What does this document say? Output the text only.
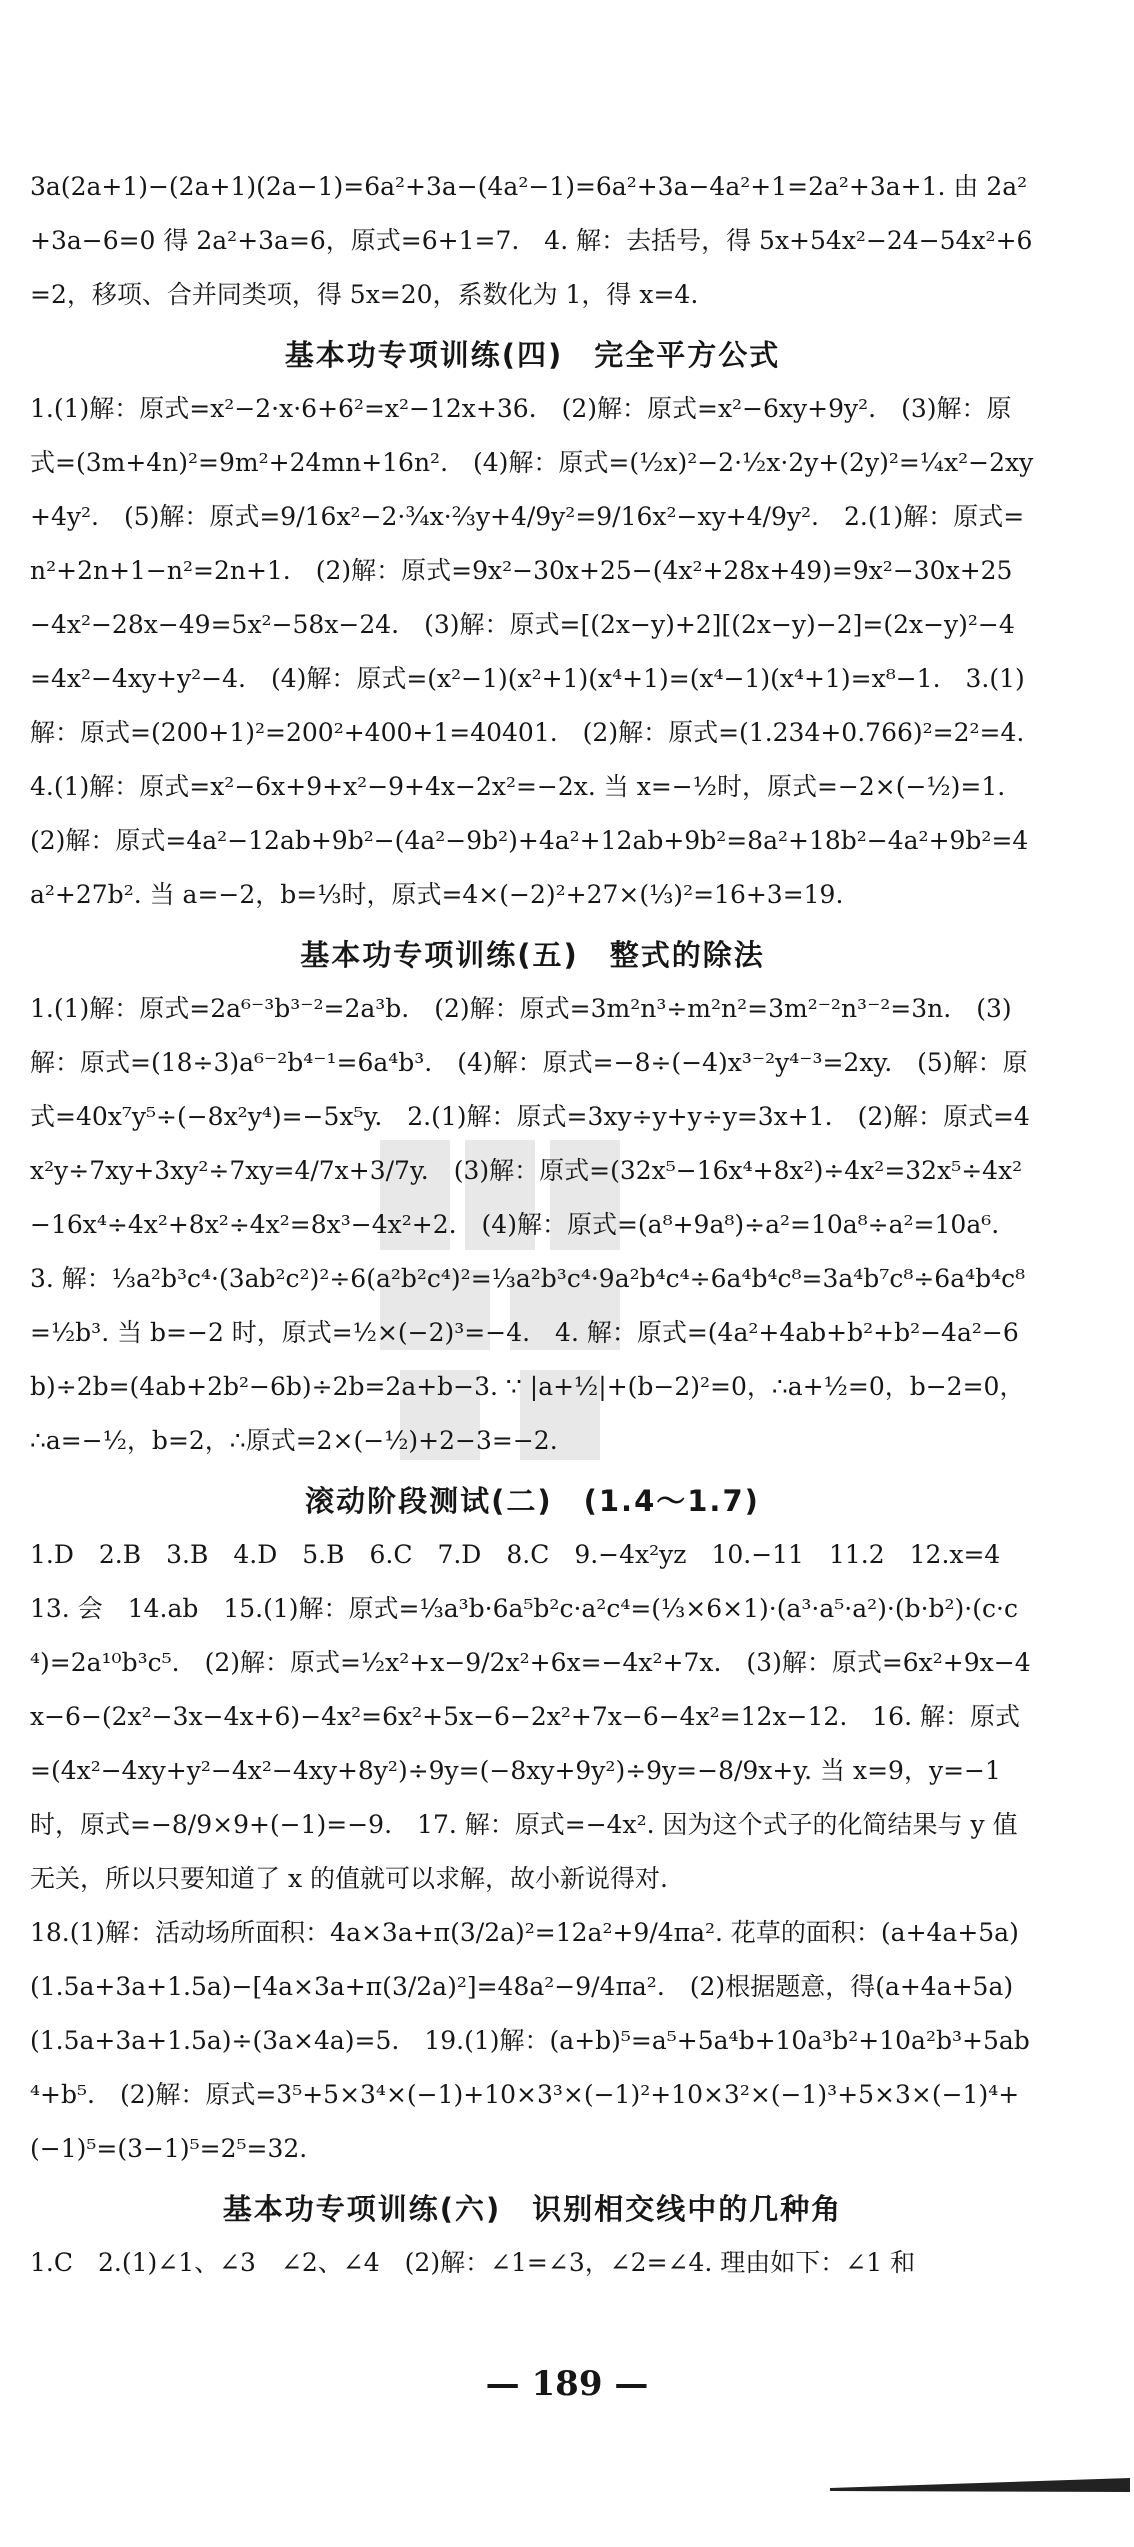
3a(2a+1)−(2a+1)(2a−1)=6a²+3a−(4a²−1)=6a²+3a−4a²+1=2a²+3a+1. 由 2a²+3a−6=0 得 2a²+3a=6，原式=6+1=7.　4. 解：去括号，得 5x+54x²−24−54x²+6=2，移项、合并同类项，得 5x=20，系数化为 1，得 x=4.

基本功专项训练(四)　完全平方公式

1.(1)解：原式=x²−2·x·6+6²=x²−12x+36.　(2)解：原式=x²−6xy+9y².　(3)解：原式=(3m+4n)²=9m²+24mn+16n².　(4)解：原式=(½x)²−2·½x·2y+(2y)²=¼x²−2xy+4y².　(5)解：原式=9/16x²−2·¾x·⅔y+4/9y²=9/16x²−xy+4/9y².　2.(1)解：原式=n²+2n+1−n²=2n+1.　(2)解：原式=9x²−30x+25−(4x²+28x+49)=9x²−30x+25−4x²−28x−49=5x²−58x−24.　(3)解：原式=[(2x−y)+2][(2x−y)−2]=(2x−y)²−4=4x²−4xy+y²−4.　(4)解：原式=(x²−1)(x²+1)(x⁴+1)=(x⁴−1)(x⁴+1)=x⁸−1.　3.(1)解：原式=(200+1)²=200²+400+1=40401.　(2)解：原式=(1.234+0.766)²=2²=4.　4.(1)解：原式=x²−6x+9+x²−9+4x−2x²=−2x. 当 x=−½时，原式=−2×(−½)=1.　(2)解：原式=4a²−12ab+9b²−(4a²−9b²)+4a²+12ab+9b²=8a²+18b²−4a²+9b²=4a²+27b². 当 a=−2，b=⅓时，原式=4×(−2)²+27×(⅓)²=16+3=19.

基本功专项训练(五)　整式的除法

1.(1)解：原式=2a⁶⁻³b³⁻²=2a³b.　(2)解：原式=3m²n³÷m²n²=3m²⁻²n³⁻²=3n.　(3)解：原式=(18÷3)a⁶⁻²b⁴⁻¹=6a⁴b³.　(4)解：原式=−8÷(−4)x³⁻²y⁴⁻³=2xy.　(5)解：原式=40x⁷y⁵÷(−8x²y⁴)=−5x⁵y.　2.(1)解：原式=3xy÷y+y÷y=3x+1.　(2)解：原式=4x²y÷7xy+3xy²÷7xy=4/7x+3/7y.　(3)解：原式=(32x⁵−16x⁴+8x²)÷4x²=32x⁵÷4x²−16x⁴÷4x²+8x²÷4x²=8x³−4x²+2.　(4)解：原式=(a⁸+9a⁸)÷a²=10a⁸÷a²=10a⁶.　3. 解：⅓a²b³c⁴·(3ab²c²)²÷6(a²b²c⁴)²=⅓a²b³c⁴·9a²b⁴c⁴÷6a⁴b⁴c⁸=3a⁴b⁷c⁸÷6a⁴b⁴c⁸=½b³. 当 b=−2 时，原式=½×(−2)³=−4.　4. 解：原式=(4a²+4ab+b²+b²−4a²−6b)÷2b=(4ab+2b²−6b)÷2b=2a+b−3. ∵ |a+½|+(b−2)²=0，∴a+½=0，b−2=0，∴a=−½，b=2，∴原式=2×(−½)+2−3=−2.

滚动阶段测试(二)　(1.4～1.7)

1.D　2.B　3.B　4.D　5.B　6.C　7.D　8.C　9.−4x²yz　10.−11　11.2　12.x=4　13. 会　14.ab　15.(1)解：原式=⅓a³b·6a⁵b²c·a²c⁴=(⅓×6×1)·(a³·a⁵·a²)·(b·b²)·(c·c⁴)=2a¹⁰b³c⁵.　(2)解：原式=½x²+x−9/2x²+6x=−4x²+7x.　(3)解：原式=6x²+9x−4x−6−(2x²−3x−4x+6)−4x²=6x²+5x−6−2x²+7x−6−4x²=12x−12.　16. 解：原式=(4x²−4xy+y²−4x²−4xy+8y²)÷9y=(−8xy+9y²)÷9y=−8/9x+y. 当 x=9，y=−1 时，原式=−8/9×9+(−1)=−9.　17. 解：原式=−4x². 因为这个式子的化简结果与 y 值无关，所以只要知道了 x 的值就可以求解，故小新说得对.

18.(1)解：活动场所面积：4a×3a+π(3/2a)²=12a²+9/4πa². 花草的面积：(a+4a+5a)(1.5a+3a+1.5a)−[4a×3a+π(3/2a)²]=48a²−9/4πa².　(2)根据题意，得(a+4a+5a)(1.5a+3a+1.5a)÷(3a×4a)=5.　19.(1)解：(a+b)⁵=a⁵+5a⁴b+10a³b²+10a²b³+5ab⁴+b⁵.　(2)解：原式=3⁵+5×3⁴×(−1)+10×3³×(−1)²+10×3²×(−1)³+5×3×(−1)⁴+(−1)⁵=(3−1)⁵=2⁵=32.

基本功专项训练(六)　识别相交线中的几种角

1.C　2.(1)∠1、∠3　∠2、∠4　(2)解：∠1=∠3，∠2=∠4. 理由如下：∠1 和

— 189 —
